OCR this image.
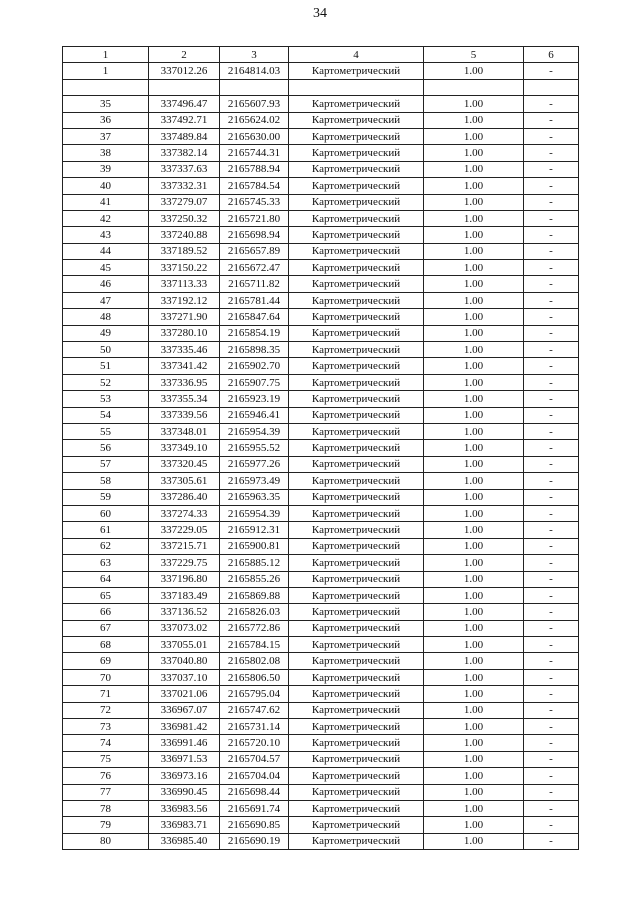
34
1	2	3	4	5	6
1	337012.26	2164814.03	Картометрический	1.00	-

35	337496.47	2165607.93	Картометрический	1.00	-
36	337492.71	2165624.02	Картометрический	1.00	-
37	337489.84	2165630.00	Картометрический	1.00	-
38	337382.14	2165744.31	Картометрический	1.00	-
39	337337.63	2165788.94	Картометрический	1.00	-
40	337332.31	2165784.54	Картометрический	1.00	-
41	337279.07	2165745.33	Картометрический	1.00	-
42	337250.32	2165721.80	Картометрический	1.00	-
43	337240.88	2165698.94	Картометрический	1.00	-
44	337189.52	2165657.89	Картометрический	1.00	-
45	337150.22	2165672.47	Картометрический	1.00	-
46	337113.33	2165711.82	Картометрический	1.00	-
47	337192.12	2165781.44	Картометрический	1.00	-
48	337271.90	2165847.64	Картометрический	1.00	-
49	337280.10	2165854.19	Картометрический	1.00	-
50	337335.46	2165898.35	Картометрический	1.00	-
51	337341.42	2165902.70	Картометрический	1.00	-
52	337336.95	2165907.75	Картометрический	1.00	-
53	337355.34	2165923.19	Картометрический	1.00	-
54	337339.56	2165946.41	Картометрический	1.00	-
55	337348.01	2165954.39	Картометрический	1.00	-
56	337349.10	2165955.52	Картометрический	1.00	-
57	337320.45	2165977.26	Картометрический	1.00	-
58	337305.61	2165973.49	Картометрический	1.00	-
59	337286.40	2165963.35	Картометрический	1.00	-
60	337274.33	2165954.39	Картометрический	1.00	-
61	337229.05	2165912.31	Картометрический	1.00	-
62	337215.71	2165900.81	Картометрический	1.00	-
63	337229.75	2165885.12	Картометрический	1.00	-
64	337196.80	2165855.26	Картометрический	1.00	-
65	337183.49	2165869.88	Картометрический	1.00	-
66	337136.52	2165826.03	Картометрический	1.00	-
67	337073.02	2165772.86	Картометрический	1.00	-
68	337055.01	2165784.15	Картометрический	1.00	-
69	337040.80	2165802.08	Картометрический	1.00	-
70	337037.10	2165806.50	Картометрический	1.00	-
71	337021.06	2165795.04	Картометрический	1.00	-
72	336967.07	2165747.62	Картометрический	1.00	-
73	336981.42	2165731.14	Картометрический	1.00	-
74	336991.46	2165720.10	Картометрический	1.00	-
75	336971.53	2165704.57	Картометрический	1.00	-
76	336973.16	2165704.04	Картометрический	1.00	-
77	336990.45	2165698.44	Картометрический	1.00	-
78	336983.56	2165691.74	Картометрический	1.00	-
79	336983.71	2165690.85	Картометрический	1.00	-
80	336985.40	2165690.19	Картометрический	1.00	-
